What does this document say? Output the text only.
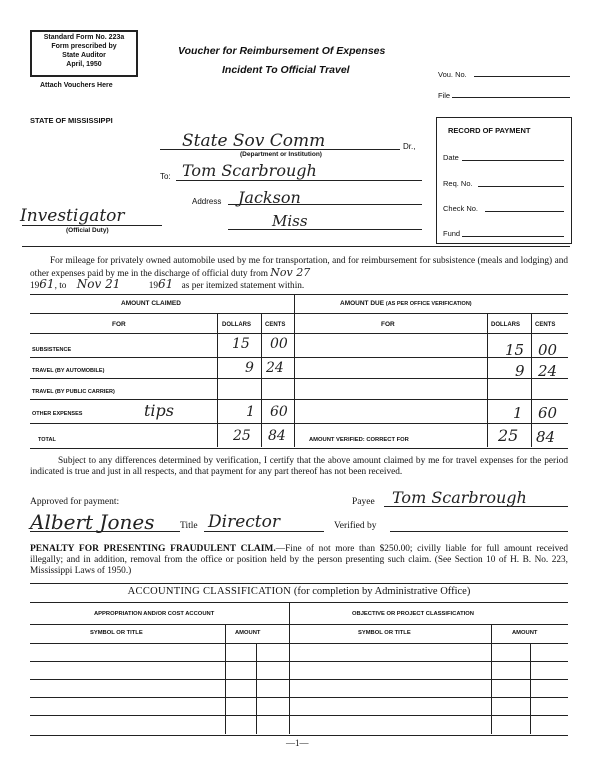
Standard Form No. 223a
Form prescribed by
State Auditor
April, 1950
Attach Vouchers Here
Voucher for Reimbursement Of Expenses
Incident To Official Travel	Vou. No.
File
STATE OF MISSISSIPPI
State Sov Comm	Dr.,
(Department or Institution)
To: Tom Scarbrough
Address Jackson
Miss
Investigator
(Official Duty)
RECORD OF PAYMENT
Date
Req. No.
Check No.
Fund
For mileage for privately owned automobile used by me for transportation, and for reimbursement for subsistence (meals and lodging) and other expenses paid by me in the discharge of official duty from Nov 27
1961, to Nov 21	1961 as per itemized statement within.
AMOUNT CLAIMED	AMOUNT DUE (AS PER OFFICE VERIFICATION)
FOR	DOLLARS CENTS	FOR	DOLLARS	CENTS
SUBSISTENCE	15 00	15 00
TRAVEL (BY AUTOMOBILE)	9 24	9 24
TRAVEL (BY PUBLIC CARRIER)
OTHER EXPENSES	tips	1 60	1 60
TOTAL	25 84	AMOUNT VERIFIED: CORRECT FOR	25 84
Subject to any differences determined by verification, I certify that the above amount claimed by me for travel expenses for the period indicated is true and just in all respects, and that payment for any part thereof has not been received.
Approved for payment:	Payee Tom Scarbrough
Albert Jones	Title Director	Verified by
PENALTY FOR PRESENTING FRAUDULENT CLAIM.—Fine of not more than $250.00; civilly liable for full amount received illegally; and in addition, removal from the office or position held by the person presenting such claim. (See Section 10 of H. B. No. 223, Mississippi Laws of 1950.)
ACCOUNTING CLASSIFICATION (for completion by Administrative Office)
APPROPRIATION AND/OR COST ACCOUNT	OBJECTIVE OR PROJECT CLASSIFICATION
SYMBOL OR TITLE	AMOUNT	SYMBOL OR TITLE	AMOUNT
—1—
